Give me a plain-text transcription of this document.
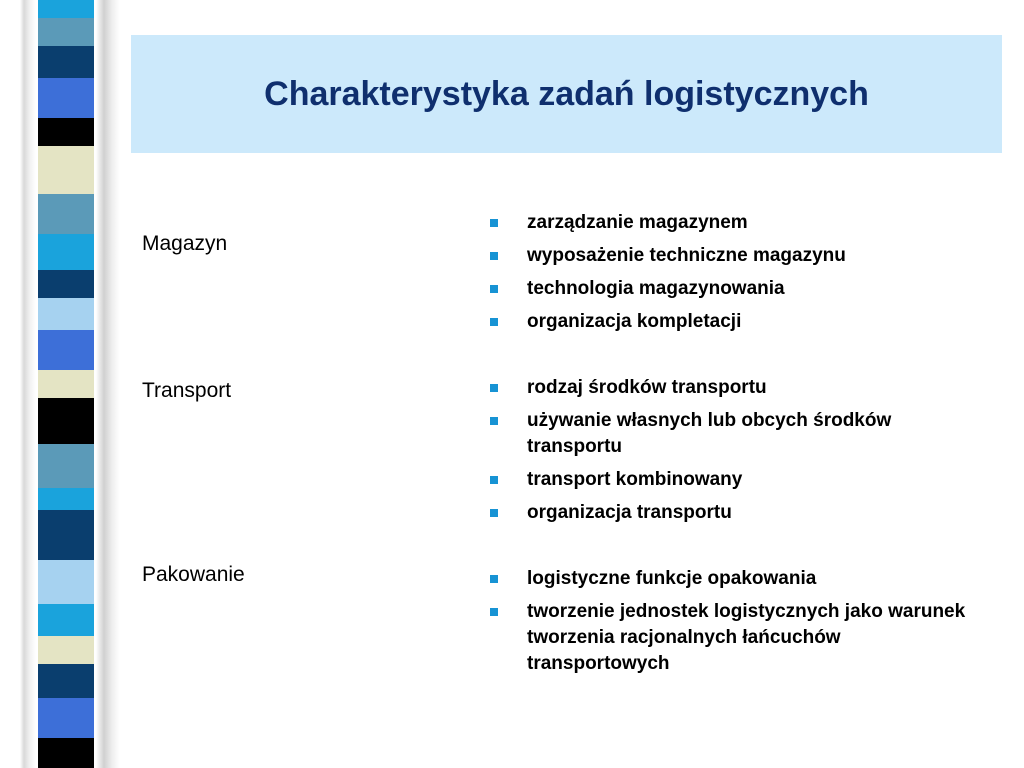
Charakterystyka zadań logistycznych
Magazyn
zarządzanie magazynem
wyposażenie techniczne magazynu
technologia magazynowania
organizacja kompletacji
Transport	rodzaj środków transportu
używanie własnych lub obcych środków transportu
transport kombinowany
organizacja transportu
Pakowanie	logistyczne funkcje opakowania
tworzenie jednostek logistycznych jako warunek tworzenia racjonalnych łańcuchów transportowych
